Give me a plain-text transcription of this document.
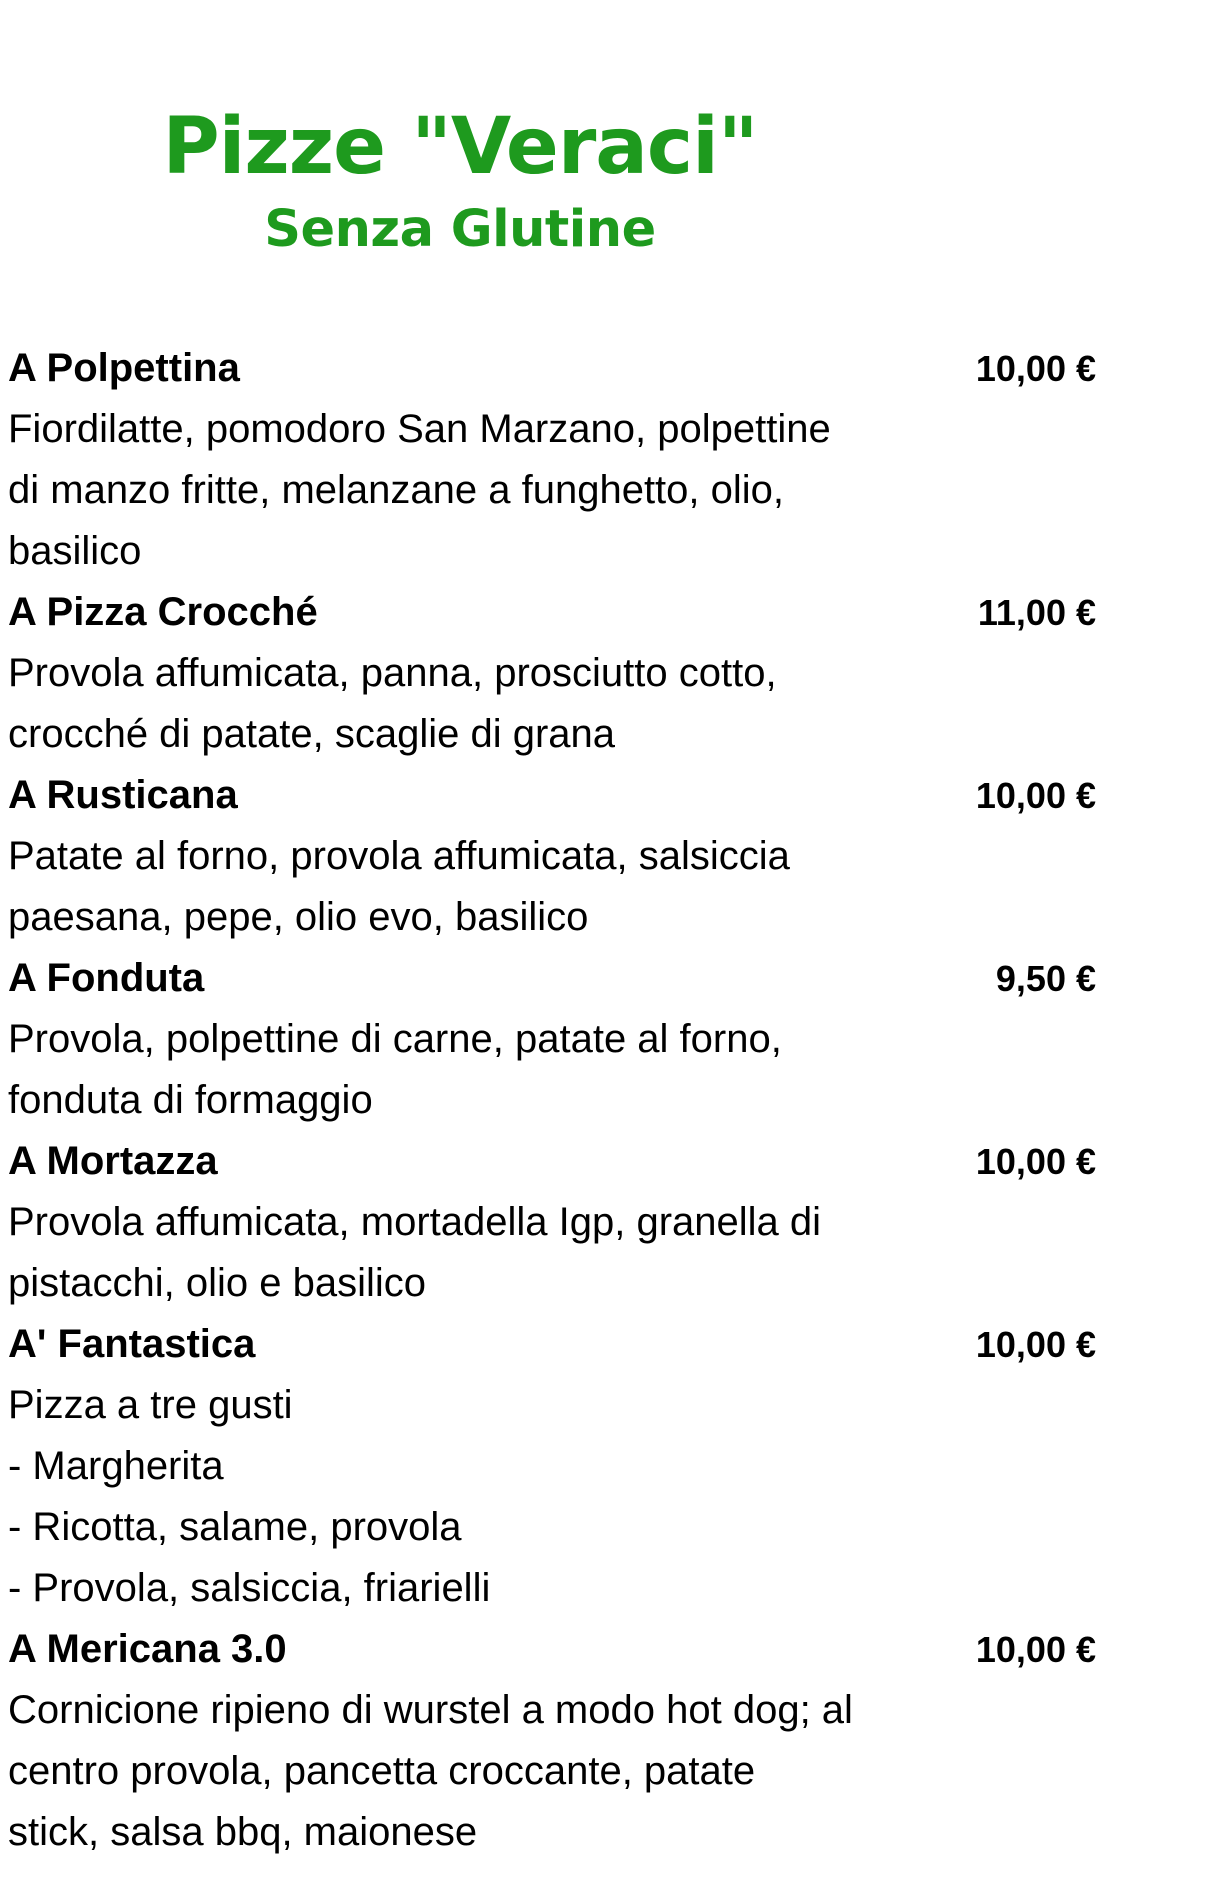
Pizze "Veraci"
Senza Glutine
A Polpettina	10,00 €
Fiordilatte, pomodoro San Marzano, polpettine
di manzo fritte, melanzane a funghetto, olio,
basilico
A Pizza Crocché	11,00 €
Provola affumicata, panna, prosciutto cotto,
crocché di patate, scaglie di grana
A Rusticana	10,00 €
Patate al forno, provola affumicata, salsiccia
paesana, pepe, olio evo, basilico
A Fonduta	9,50 €
Provola, polpettine di carne, patate al forno,
fonduta di formaggio
A Mortazza	10,00 €
Provola affumicata, mortadella Igp, granella di
pistacchi, olio e basilico
A' Fantastica	10,00 €
Pizza a tre gusti
- Margherita
- Ricotta, salame, provola
- Provola, salsiccia, friarielli
A Mericana 3.0	10,00 €
Cornicione ripieno di wurstel a modo hot dog; al
centro provola, pancetta croccante, patate
stick, salsa bbq, maionese
